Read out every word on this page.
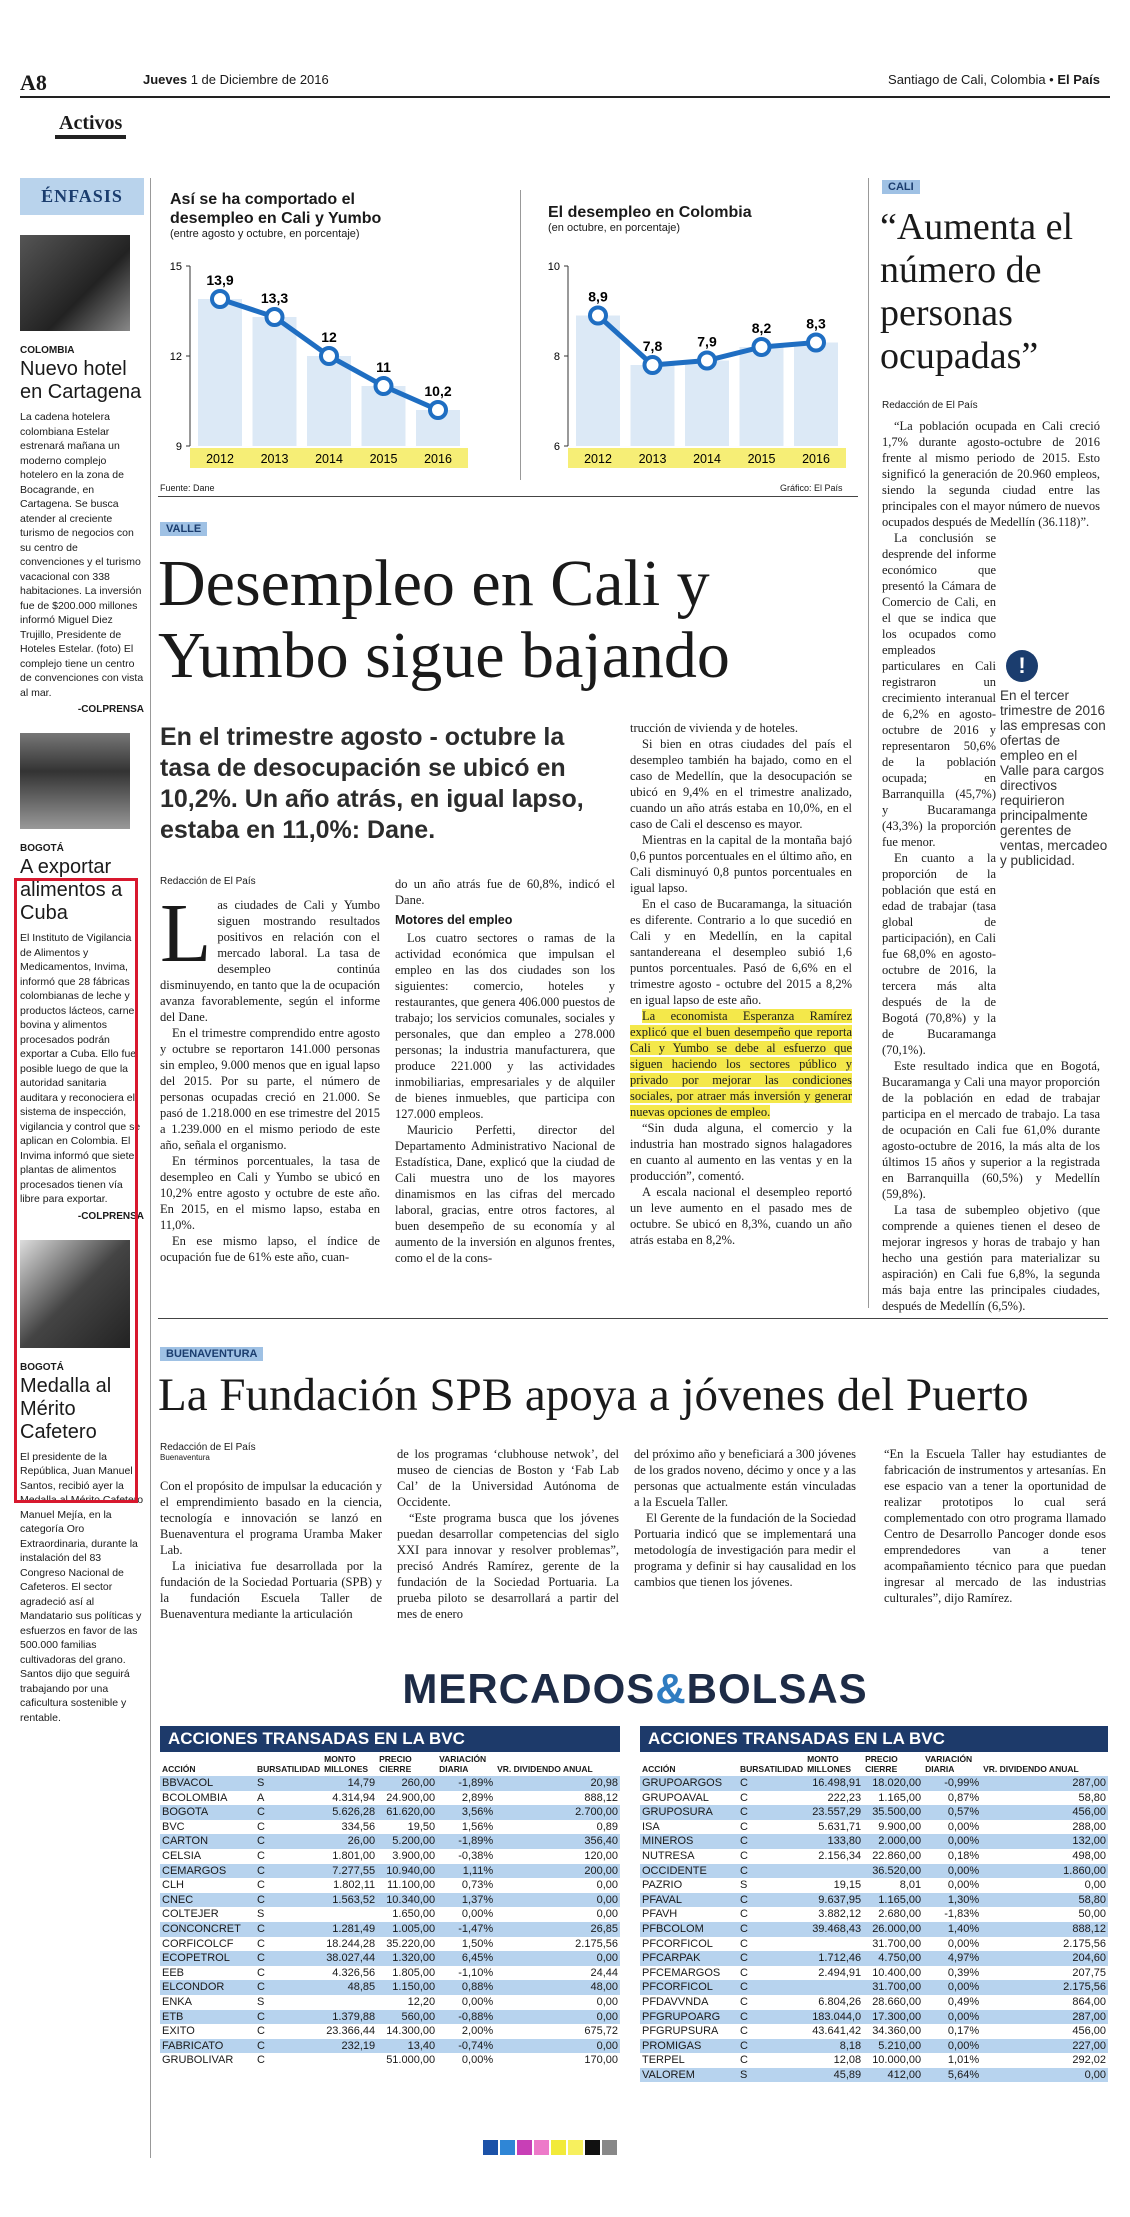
A8	Jueves 1 de Diciembre de 2016	Santiago de Cali, Colombia • El País
Activos
ÉNFASIS
COLOMBIA
Nuevo hotel en Cartagena
La cadena hotelera colombiana Estelar estrenará mañana un moderno complejo hotelero en la zona de Bocagrande, en Cartagena. Se busca atender al creciente turismo de negocios con su centro de convenciones y el turismo vacacional con 338 habitaciones. La inversión fue de $200.000 millones informó Miguel Diez Trujillo, Presidente de Hoteles Estelar. (foto) El complejo tiene un centro de convenciones con vista al mar.
-COLPRENSA
BOGOTÁ
A exportar alimentos a Cuba
El Instituto de Vigilancia de Alimentos y Medicamentos, Invima, informó que 28 fábricas colombianas de leche y productos lácteos, carne bovina y alimentos procesados podrán exportar a Cuba. Ello fue posible luego de que la autoridad sanitaria auditara y reconociera el sistema de inspección, vigilancia y control que se aplican en Colombia. El Invima informó que siete plantas de alimentos procesados tienen vía libre para exportar.
-COLPRENSA
BOGOTÁ
Medalla al Mérito Cafetero
El presidente de la República, Juan Manuel Santos, recibió ayer la Medalla al Mérito Cafetero Manuel Mejía, en la categoría Oro Extraordinaria, durante la instalación del 83 Congreso Nacional de Cafeteros. El sector agradeció así al Mandatario sus políticas y esfuerzos en favor de las 500.000 familias cultivadoras del grano. Santos dijo que seguirá trabajando por una caficultura sostenible y rentable.
Así se ha comportado el desempleo en Cali y Yumbo
(entre agosto y octubre, en porcentaje)
15
12
9
2012 2013 2014 2015 2016
13,9
13,3
12
11
10,2
El desempleo en Colombia
(en octubre, en porcentaje)
10
8
6
2012 2013 2014 2015 2016
8,9
7,8	7,9
8,2	8,3
Fuente: Dane	Gráfico: El País
VALLE
Desempleo en Cali y Yumbo sigue bajando
En el trimestre agosto - octubre la tasa de desocupación se ubicó en 10,2%. Un año atrás, en igual lapso, estaba en 11,0%: Dane.
Redacción de El País

Las ciudades de Cali y Yumbo siguen mostrando resultados positivos en relación con el mercado laboral. La tasa de desempleo continúa disminuyendo, en tanto que la de ocupación avanza favorablemente, según el informe del Dane.

En el trimestre comprendido entre agosto y octubre se reportaron 141.000 personas sin empleo, 9.000 menos que en igual lapso del 2015. Por su parte, el número de personas ocupadas creció en 21.000. Se pasó de 1.218.000 en ese trimestre del 2015 a 1.239.000 en el mismo periodo de este año, señala el organismo.

En términos porcentuales, la tasa de desempleo en Cali y Yumbo se ubicó en 10,2% entre agosto y octubre de este año. En 2015, en el mismo lapso, estaba en 11,0%.

En ese mismo lapso, el índice de ocupación fue de 61% este año, cuan-

do un año atrás fue de 60,8%, indicó el Dane.

Motores del empleo

Los cuatro sectores o ramas de la actividad económica que impulsan el empleo en las dos ciudades son los siguientes: comercio, hoteles y restaurantes, que genera 406.000 puestos de trabajo; los servicios comunales, sociales y personales, que dan empleo a 278.000 personas; la industria manufacturera, que produce 221.000 y las actividades inmobiliarias, empresariales y de alquiler de bienes inmuebles, que participa con 127.000 empleos.

Mauricio Perfetti, director del Departamento Administrativo Nacional de Estadística, Dane, explicó que la ciudad de Cali muestra uno de los mayores dinamismos en las cifras del mercado laboral, gracias, entre otros factores, al buen desempeño de su economía y al aumento de la inversión en algunos frentes, como el de la cons-

trucción de vivienda y de hoteles.

Si bien en otras ciudades del país el desempleo también ha bajado, como en el caso de Medellín, que la desocupación se ubicó en 9,4% en el trimestre analizado, cuando un año atrás estaba en 10,0%, en el caso de Cali el descenso es mayor.

Mientras en la capital de la montaña bajó 0,6 puntos porcentuales en el último año, en Cali disminuyó 0,8 puntos porcentuales en igual lapso.

En el caso de Bucaramanga, la situación es diferente. Contrario a lo que sucedió en Cali y en Medellín, en la capital santandereana el desempleo subió 1,6 puntos porcentuales. Pasó de 6,6% en el trimestre agosto - octubre del 2015 a 8,2% en igual lapso de este año.

La economista Esperanza Ramírez explicó que el buen desempeño que reporta Cali y Yumbo se debe al esfuerzo que siguen haciendo los sectores público y privado por mejorar las condiciones sociales, por atraer más inversión y generar nuevas opciones de empleo.

“Sin duda alguna, el comercio y la industria han mostrado signos halagadores en cuanto al aumento en las ventas y en la producción”, comentó.

A escala nacional el desempleo reportó un leve aumento en el pasado mes de octubre. Se ubicó en 8,3%, cuando un año atrás estaba en 8,2%.

CALI
“Aumenta el número de personas ocupadas”
Redacción de El País

“La población ocupada en Cali creció 1,7% durante agosto-octubre de 2016 frente al mismo periodo de 2015. Esto significó la generación de 20.960 empleos, siendo la segunda ciudad entre las principales con el mayor número de nuevos ocupados después de Medellín (36.118)”.

La conclusión se desprende del informe económico que presentó la Cámara de Comercio de Cali, en el que se indica que los ocupados como empleados particulares en Cali registraron un crecimiento interanual de 6,2% en agosto-octubre de 2016 y representaron 50,6% de la población ocupada; en Barranquilla (45,7%) y Bucaramanga (43,3%) la proporción fue menor.

En cuanto a la proporción de la población que está en edad de trabajar (tasa global de participación), en Cali fue 68,0% en agosto-octubre de 2016, la tercera más alta después de la de Bogotá (70,8%) y la de Bucaramanga (70,1%).

Este resultado indica que en Bogotá, Bucaramanga y Cali una mayor proporción de la población en edad de trabajar participa en el mercado de trabajo. La tasa de ocupación en Cali fue 61,0% durante agosto-octubre de 2016, la más alta de los últimos 15 años y superior a la registrada en Barranquilla (60,5%) y Medellín (59,8%).

La tasa de subempleo objetivo (que comprende a quienes tienen el deseo de mejorar ingresos y horas de trabajo y han hecho una gestión para materializar su aspiración) en Cali fue 6,8%, la segunda más baja entre las principales ciudades, después de Medellín (6,5%).

!
En el tercer trimestre de 2016 las empresas con ofertas de empleo en el Valle para cargos directivos requirieron principalmente gerentes de ventas, mercadeo y publicidad.
BUENAVENTURA
La Fundación SPB apoya a jóvenes del Puerto
Redacción de El País
Buenaventura

Con el propósito de impulsar la educación y el emprendimiento basado en la ciencia, tecnología e innovación se lanzó en Buenaventura el programa Uramba Maker Lab.

La iniciativa fue desarrollada por la fundación de la Sociedad Portuaria (SPB) y la fundación Escuela Taller de Buenaventura mediante la articulación

de los programas ‘clubhouse netwok’, del museo de ciencias de Boston y ‘Fab Lab Cal’ de la Universidad Autónoma de Occidente.

“Este programa busca que los jóvenes puedan desarrollar competencias del siglo XXI para innovar y resolver problemas”, precisó Andrés Ramírez, gerente de la fundación de la Sociedad Portuaria. La prueba piloto se desarrollará a partir del mes de enero

del próximo año y beneficiará a 300 jóvenes de los grados noveno, décimo y once y a las personas que actualmente están vinculadas a la Escuela Taller.

El Gerente de la fundación de la Sociedad Portuaria indicó que se implementará una metodología de investigación para medir el programa y definir si hay causalidad en los cambios que tienen los jóvenes.

“En la Escuela Taller hay estudiantes de fabricación de instrumentos y artesanías. En ese espacio van a tener la oportunidad de realizar prototipos lo cual será complementado con otro programa llamado Centro de Desarrollo Pancoger donde esos emprendedores van a tener acompañamiento técnico para que puedan ingresar al mercado de las industrias culturales”, dijo Ramírez.

MERCADOS&BOLSAS
ACCIONES TRANSADAS EN LA BVC
ACCIÓN	BURSATILIDAD	MONTO MILLONES	PRECIO CIERRE	VARIACIÓN DIARIA	VR. DIVIDENDO ANUAL
BBVACOL	S	14,79	260,00	-1,89%	20,98
BCOLOMBIA	A	4.314,94	24.900,00	2,89%	888,12
BOGOTA	C	5.626,28	61.620,00	3,56%	2.700,00
BVC	C	334,56	19,50	1,56%	0,89
CARTON	C	26,00	5.200,00	-1,89%	356,40
CELSIA	C	1.801,00	3.900,00	-0,38%	120,00
CEMARGOS	C	7.277,55	10.940,00	1,11%	200,00
CLH	C	1.802,11	11.100,00	0,73%	0,00
CNEC	C	1.563,52	10.340,00	1,37%	0,00
COLTEJER	S		1.650,00	0,00%	0,00
CONCONCRET	C	1.281,49	1.005,00	-1,47%	26,85
CORFICOLCF	C	18.244,28	35.220,00	1,50%	2.175,56
ECOPETROL	C	38.027,44	1.320,00	6,45%	0,00
EEB	C	4.326,56	1.805,00	-1,10%	24,44
ELCONDOR	C	48,85	1.150,00	0,88%	48,00
ENKA	S		12,20	0,00%	0,00
ETB	C	1.379,88	560,00	-0,88%	0,00
EXITO	C	23.366,44	14.300,00	2,00%	675,72
FABRICATO	C	232,19	13,40	-0,74%	0,00
GRUBOLIVAR	C		51.000,00	0,00%	170,00
ACCIONES TRANSADAS EN LA BVC
ACCIÓN	BURSATILIDAD	MONTO MILLONES	PRECIO CIERRE	VARIACIÓN DIARIA	VR. DIVIDENDO ANUAL
GRUPOARGOS	C	16.498,91	18.020,00	-0,99%	287,00
GRUPOAVAL	C	222,23	1.165,00	0,87%	58,80
GRUPOSURA	C	23.557,29	35.500,00	0,57%	456,00
ISA	C	5.631,71	9.900,00	0,00%	288,00
MINEROS	C	133,80	2.000,00	0,00%	132,00
NUTRESA	C	2.156,34	22.860,00	0,18%	498,00
OCCIDENTE	C		36.520,00	0,00%	1.860,00
PAZRIO	S	19,15	8,01	0,00%	0,00
PFAVAL	C	9.637,95	1.165,00	1,30%	58,80
PFAVH	C	3.882,12	2.680,00	-1,83%	50,00
PFBCOLOM	C	39.468,43	26.000,00	1,40%	888,12
PFCORFICOL	C		31.700,00	0,00%	2.175,56
PFCARPAK	C	1.712,46	4.750,00	4,97%	204,60
PFCEMARGOS	C	2.494,91	10.400,00	0,39%	207,75
PFCORFICOL	C		31.700,00	0,00%	2.175,56
PFDAVVNDA	C	6.804,26	28.660,00	0,49%	864,00
PFGRUPOARG	C	183.044,0	17.300,00	0,00%	287,00
PFGRUPSURA	C	43.641,42	34.360,00	0,17%	456,00
PROMIGAS	C	8,18	5.210,00	0,00%	227,00
TERPEL	C	12,08	10.000,00	1,01%	292,02
VALOREM	S	45,89	412,00	5,64%	0,00
